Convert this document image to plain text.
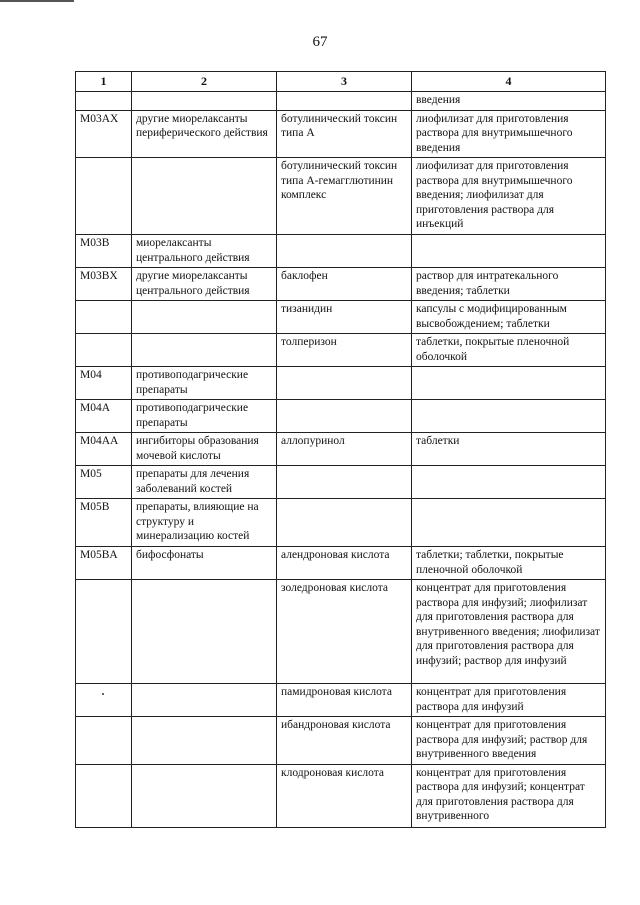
67
1	2	3	4
			введения
M03AX	другие миорелаксанты периферического действия	ботулинический токсин типа А	лиофилизат для приготовления раствора для внутримышечного введения
		ботулинический токсин типа A-гемагглютинин комплекс	лиофилизат для приготовления раствора для внутримышечного введения; лиофилизат для приготовления раствора для инъекций
M03B	миорелаксанты центрального действия		
M03BX	другие миорелаксанты центрального действия	баклофен	раствор для интратекального введения; таблетки
		тизанидин	капсулы с модифицированным высвобождением; таблетки
		толперизон	таблетки, покрытые пленочной оболочкой
M04	противоподагрические препараты		
M04A	противоподагрические препараты		
M04AA	ингибиторы образования мочевой кислоты	аллопуринол	таблетки
M05	препараты для лечения заболеваний костей		
M05B	препараты, влияющие на структуру и минерализацию костей		
M05BA	бифосфонаты	алендроновая кислота	таблетки; таблетки, покрытые пленочной оболочкой
		золедроновая кислота	концентрат для приготовления раствора для инфузий; лиофилизат для приготовления раствора для внутривенного введения; лиофилизат для приготовления раствора для инфузий; раствор для инфузий
		памидроновая кислота	концентрат для приготовления раствора для инфузий
		ибандроновая кислота	концентрат для приготовления раствора для инфузий; раствор для внутривенного введения
		клодроновая кислота	концентрат для приготовления раствора для инфузий; концентрат для приготовления раствора для внутривенного
